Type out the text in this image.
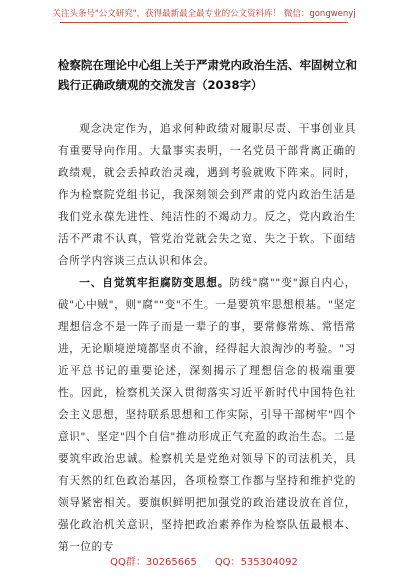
关注头条号"公文研究"，获得最新最全最专业的公文资料库！ 微信：gongwenyj
检察院在理论中心组上关于严肃党内政治生活、牢固树立和践行正确政绩观的交流发言（2038字）

观念决定作为，追求何种政绩对履职尽责、干事创业具有重要导向作用。大量事实表明，一名党员干部背离正确的政绩观，就会丢掉政治灵魂，遇到考验就败下阵来。同时，作为检察院党组书记，我深刻领会到严肃的党内政治生活是我们党永葆先进性、纯洁性的不竭动力。反之，党内政治生活不严肃不认真，管党治党就会失之宽、失之于软。下面结合所学内容谈三点认识和体会。

一、自觉筑牢拒腐防变思想。防线"腐""变"源自内心，破"心中贼"，则"腐""变"不生。一是要筑牢思想根基。"坚定理想信念不是一阵子而是一辈子的事，要常修常炼、常悟常进，无论顺境逆境都坚贞不渝，经得起大浪淘沙的考验。"习近平总书记的重要论述，深刻揭示了理想信念的极端重要性。因此，检察机关深入贯彻落实习近平新时代中国特色社会主义思想，坚持联系思想和工作实际，引导干部树牢"四个意识"、坚定"四个自信"推动形成正气充盈的政治生态。二是要筑牢政治忠诚。检察机关是党绝对领导下的司法机关，具有天然的红色政治基因，各项检察工作都与坚持和维护党的领导紧密相关。要旗帜鲜明把加强党的政治建设放在首位，强化政治机关意识，坚持把政治素养作为检察队伍最根本、第一位的专

QQ群：30265665 QQ：535304092
